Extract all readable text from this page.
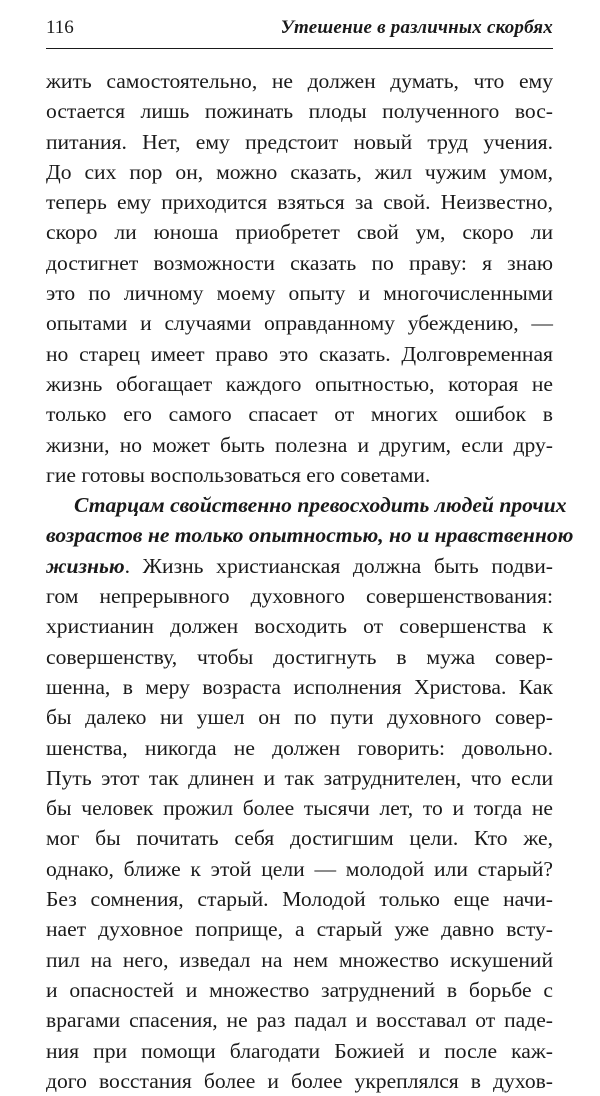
116	Утешение в различных скорбях
жить самостоятельно, не должен думать, что ему
остается лишь пожинать плоды полученного вос-
питания. Нет, ему предстоит новый труд учения.
До сих пор он, можно сказать, жил чужим умом,
теперь ему приходится взяться за свой. Неизвестно,
скоро ли юноша приобретет свой ум, скоро ли
достигнет возможности сказать по праву: я знаю
это по личному моему опыту и многочисленными
опытами и случаями оправданному убеждению, —
но старец имеет право это сказать. Долговременная
жизнь обогащает каждого опытностью, которая не
только его самого спасает от многих ошибок в
жизни, но может быть полезна и другим, если дру-
гие готовы воспользоваться его советами.
Старцам свойственно превосходить людей прочих
возрастов не только опытностью, но и нравственною
жизнью. Жизнь христианская должна быть подви-
гом непрерывного духовного совершенствования:
христианин должен восходить от совершенства к
совершенству, чтобы достигнуть в мужа совер-
шенна, в меру возраста исполнения Христова. Как
бы далеко ни ушел он по пути духовного совер-
шенства, никогда не должен говорить: довольно.
Путь этот так длинен и так затруднителен, что если
бы человек прожил более тысячи лет, то и тогда не
мог бы почитать себя достигшим цели. Кто же,
однако, ближе к этой цели — молодой или старый?
Без сомнения, старый. Молодой только еще начи-
нает духовное поприще, а старый уже давно всту-
пил на него, изведал на нем множество искушений
и опасностей и множество затруднений в борьбе с
врагами спасения, не раз падал и восставал от паде-
ния при помощи благодати Божией и после каж-
дого восстания более и более укреплялся в духов-
